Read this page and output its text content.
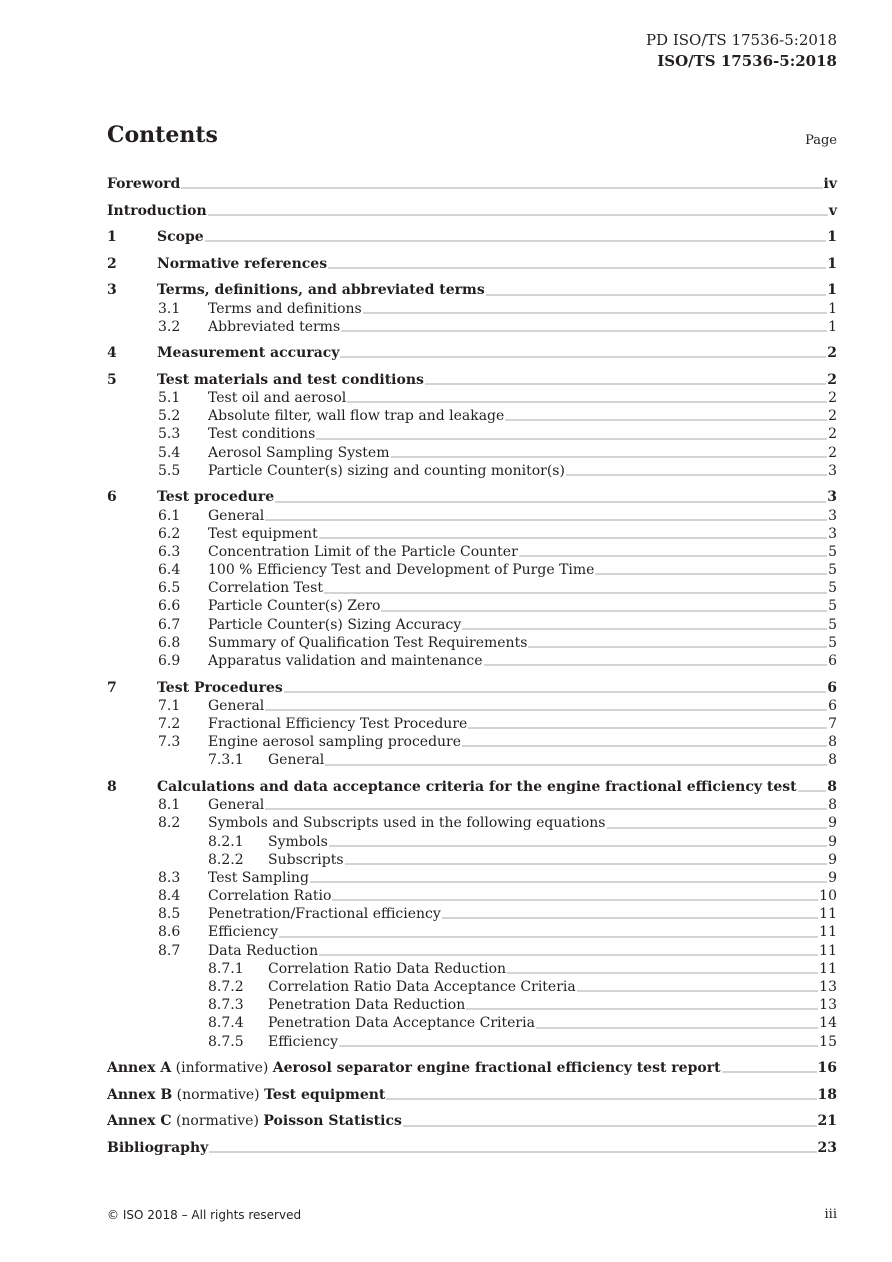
PD ISO/TS 17536-5:2018
ISO/TS 17536-5:2018
Contents	Page
Foreword	iv
Introduction	v
1	Scope	1
2	Normative references	1
3	Terms, definitions, and abbreviated terms	1
3.1 Terms and definitions	1
3.2 Abbreviated terms	1
4	Measurement accuracy	2
5	Test materials and test conditions	2
5.1 Test oil and aerosol	2
5.2 Absolute filter, wall flow trap and leakage	2
5.3 Test conditions	2
5.4 Aerosol Sampling System	2
5.5 Particle Counter(s) sizing and counting monitor(s)	3
6	Test procedure	3
6.1 General	3
6.2 Test equipment	3
6.3 Concentration Limit of the Particle Counter	5
6.4 100 % Efficiency Test and Development of Purge Time	5
6.5 Correlation Test	5
6.6 Particle Counter(s) Zero	5
6.7 Particle Counter(s) Sizing Accuracy	5
6.8 Summary of Qualification Test Requirements	5
6.9 Apparatus validation and maintenance	6
7	Test Procedures	6
7.1 General	6
7.2 Fractional Efficiency Test Procedure	7
7.3 Engine aerosol sampling procedure	8
7.3.1 General	8
8	Calculations and data acceptance criteria for the engine fractional efficiency test 8
8.1 General	8
8.2 Symbols and Subscripts used in the following equations	9
8.2.1 Symbols	9
8.2.2 Subscripts	9
8.3 Test Sampling	9
8.4 Correlation Ratio	10
8.5 Penetration/Fractional efficiency	11
8.6 Efficiency	11
8.7 Data Reduction	11
8.7.1 Correlation Ratio Data Reduction	11
8.7.2 Correlation Ratio Data Acceptance Criteria	13
8.7.3 Penetration Data Reduction	13
8.7.4 Penetration Data Acceptance Criteria	14
8.7.5 Efficiency	15
Annex A (informative) Aerosol separator engine fractional efficiency test report	16
Annex B (normative) Test equipment	18
Annex C (normative) Poisson Statistics	21
Bibliography	23
© ISO 2018 – All rights reserved	iii
